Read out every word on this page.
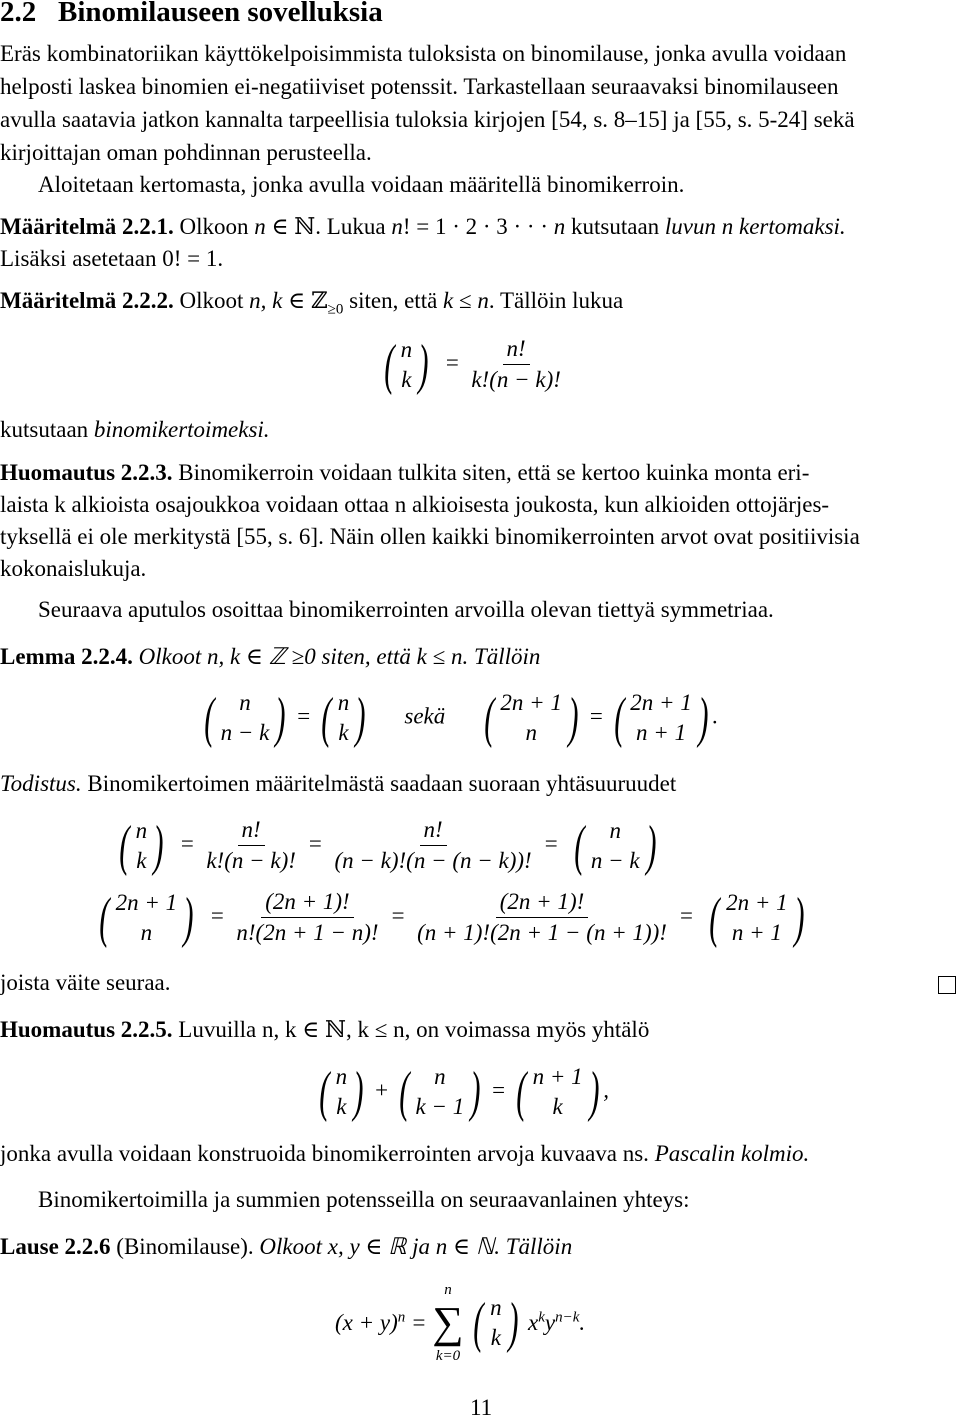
2.2 Binomilauseen sovelluksia
Eräs kombinatoriikan käyttökelpoisimmista tuloksista on binomilause, jonka avulla voidaan
helposti laskea binomien ei-negatiiviset potenssit. Tarkastellaan seuraavaksi binomilauseen
avulla saatavia jatkon kannalta tarpeellisia tuloksia kirjojen [54, s. 8–15] ja [55, s. 5-24] sekä
kirjoittajan oman pohdinnan perusteella.
Aloitetaan kertomasta, jonka avulla voidaan määritellä binomikerroin.
Määritelmä 2.2.1. Olkoon n ∈ ℕ. Lukua n! = 1 · 2 · 3 · · · n kutsutaan luvun n kertomaksi.
Lisäksi asetetaan 0! = 1.
Määritelmä 2.2.2. Olkoot n, k ∈ ℤ$_{\ge 0}$ siten, että k ≤ n. Tällöin lukua
( n
k ) = $\frac{n!}{k!(n - k)!}$
kutsutaan binomikertoimeksi.
Huomautus 2.2.3. Binomikerroin voidaan tulkita siten, että se kertoo kuinka monta eri-
laista k alkioista osajoukkoa voidaan ottaa n alkioisesta joukosta, kun alkioiden ottojärjes-
tyksellä ei ole merkitystä [55, s. 6]. Näin ollen kaikki binomikerrointen arvot ovat positiivisia
kokonaislukuja.
Seuraava aputulos osoittaa binomikerrointen arvoilla olevan tiettyä symmetriaa.
Lemma 2.2.4. Olkoot n, k ∈ ℤ ≥0 siten, että k ≤ n. Tällöin
( n
n − k ) = ( n
k ) sekä ( 2n + 1
n ) = ( 2n + 1
n + 1 ) .
Todistus. Binomikertoimen määritelmästä saadaan suoraan yhtäsuuruudet
( n
k ) = $\frac{n!}{k!(n - k)!} = \frac{n!}{(n - k)!(n - (n - k))!}$ = ( n
n − k )
( 2n + 1
n ) = $\frac{(2n + 1)!}{n!(2n + 1 - n)!} = \frac{(2n + 1)!}{(n + 1)!(2n + 1 - (n + 1))!}$ = ( 2n + 1
n + 1 )
joista väite seuraa.
Huomautus 2.2.5. Luvuilla n, k ∈ ℕ, k ≤ n, on voimassa myös yhtälö
( n
k ) + ( n
k − 1 ) = ( n + 1
k ) ,
jonka avulla voidaan konstruoida binomikerrointen arvoja kuvaava ns. Pascalin kolmio.
Binomikertoimilla ja summien potensseilla on seuraavanlainen yhteys:
Lause 2.2.6 (Binomilause). Olkoot x, y ∈ ℝ ja n ∈ ℕ. Tällöin
$(x + y)^n$ =
n
∑
k=0

( n
k ) $x^ky^{n-k}$.
11
